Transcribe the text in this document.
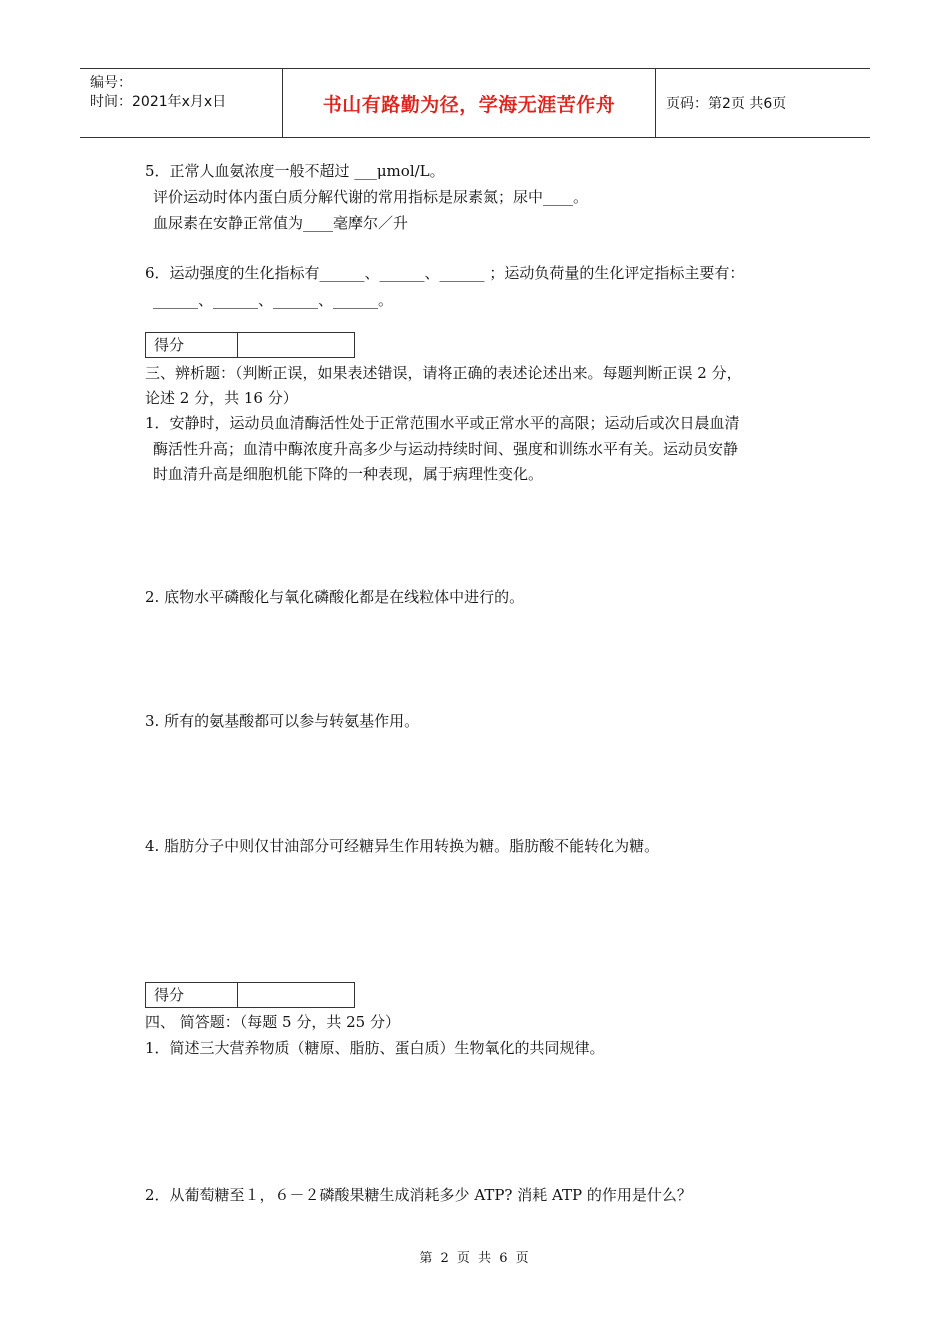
编号：
时间：2021年x月x日	书山有路勤为径，学海无涯苦作舟	页码：第2页 共6页
5．正常人血氨浓度一般不超过 ___μmol/L。
评价运动时体内蛋白质分解代谢的常用指标是尿素氮；尿中____。
血尿素在安静正常值为____毫摩尔／升
6．运动强度的生化指标有______、______、______ ；运动负荷量的生化评定指标主要有：
______、______、______、______。
得分
三、辨析题：（判断正误，如果表述错误，请将正确的表述论述出来。每题判断正误 2 分，
论述 2 分，共 16 分）
1．安静时，运动员血清酶活性处于正常范围水平或正常水平的高限；运动后或次日晨血清
酶活性升高；血清中酶浓度升高多少与运动持续时间、强度和训练水平有关。运动员安静
时血清升高是细胞机能下降的一种表现，属于病理性变化。
2. 底物水平磷酸化与氧化磷酸化都是在线粒体中进行的。
3. 所有的氨基酸都可以参与转氨基作用。
4. 脂肪分子中则仅甘油部分可经糖异生作用转换为糖。脂肪酸不能转化为糖。
得分
四、 简答题：（每题 5 分，共 25 分）
1．简述三大营养物质（糖原、脂肪、蛋白质）生物氧化的共同规律。
2．从葡萄糖至１，６－２磷酸果糖生成消耗多少 ATP? 消耗 ATP 的作用是什么？
第 2 页 共 6 页
